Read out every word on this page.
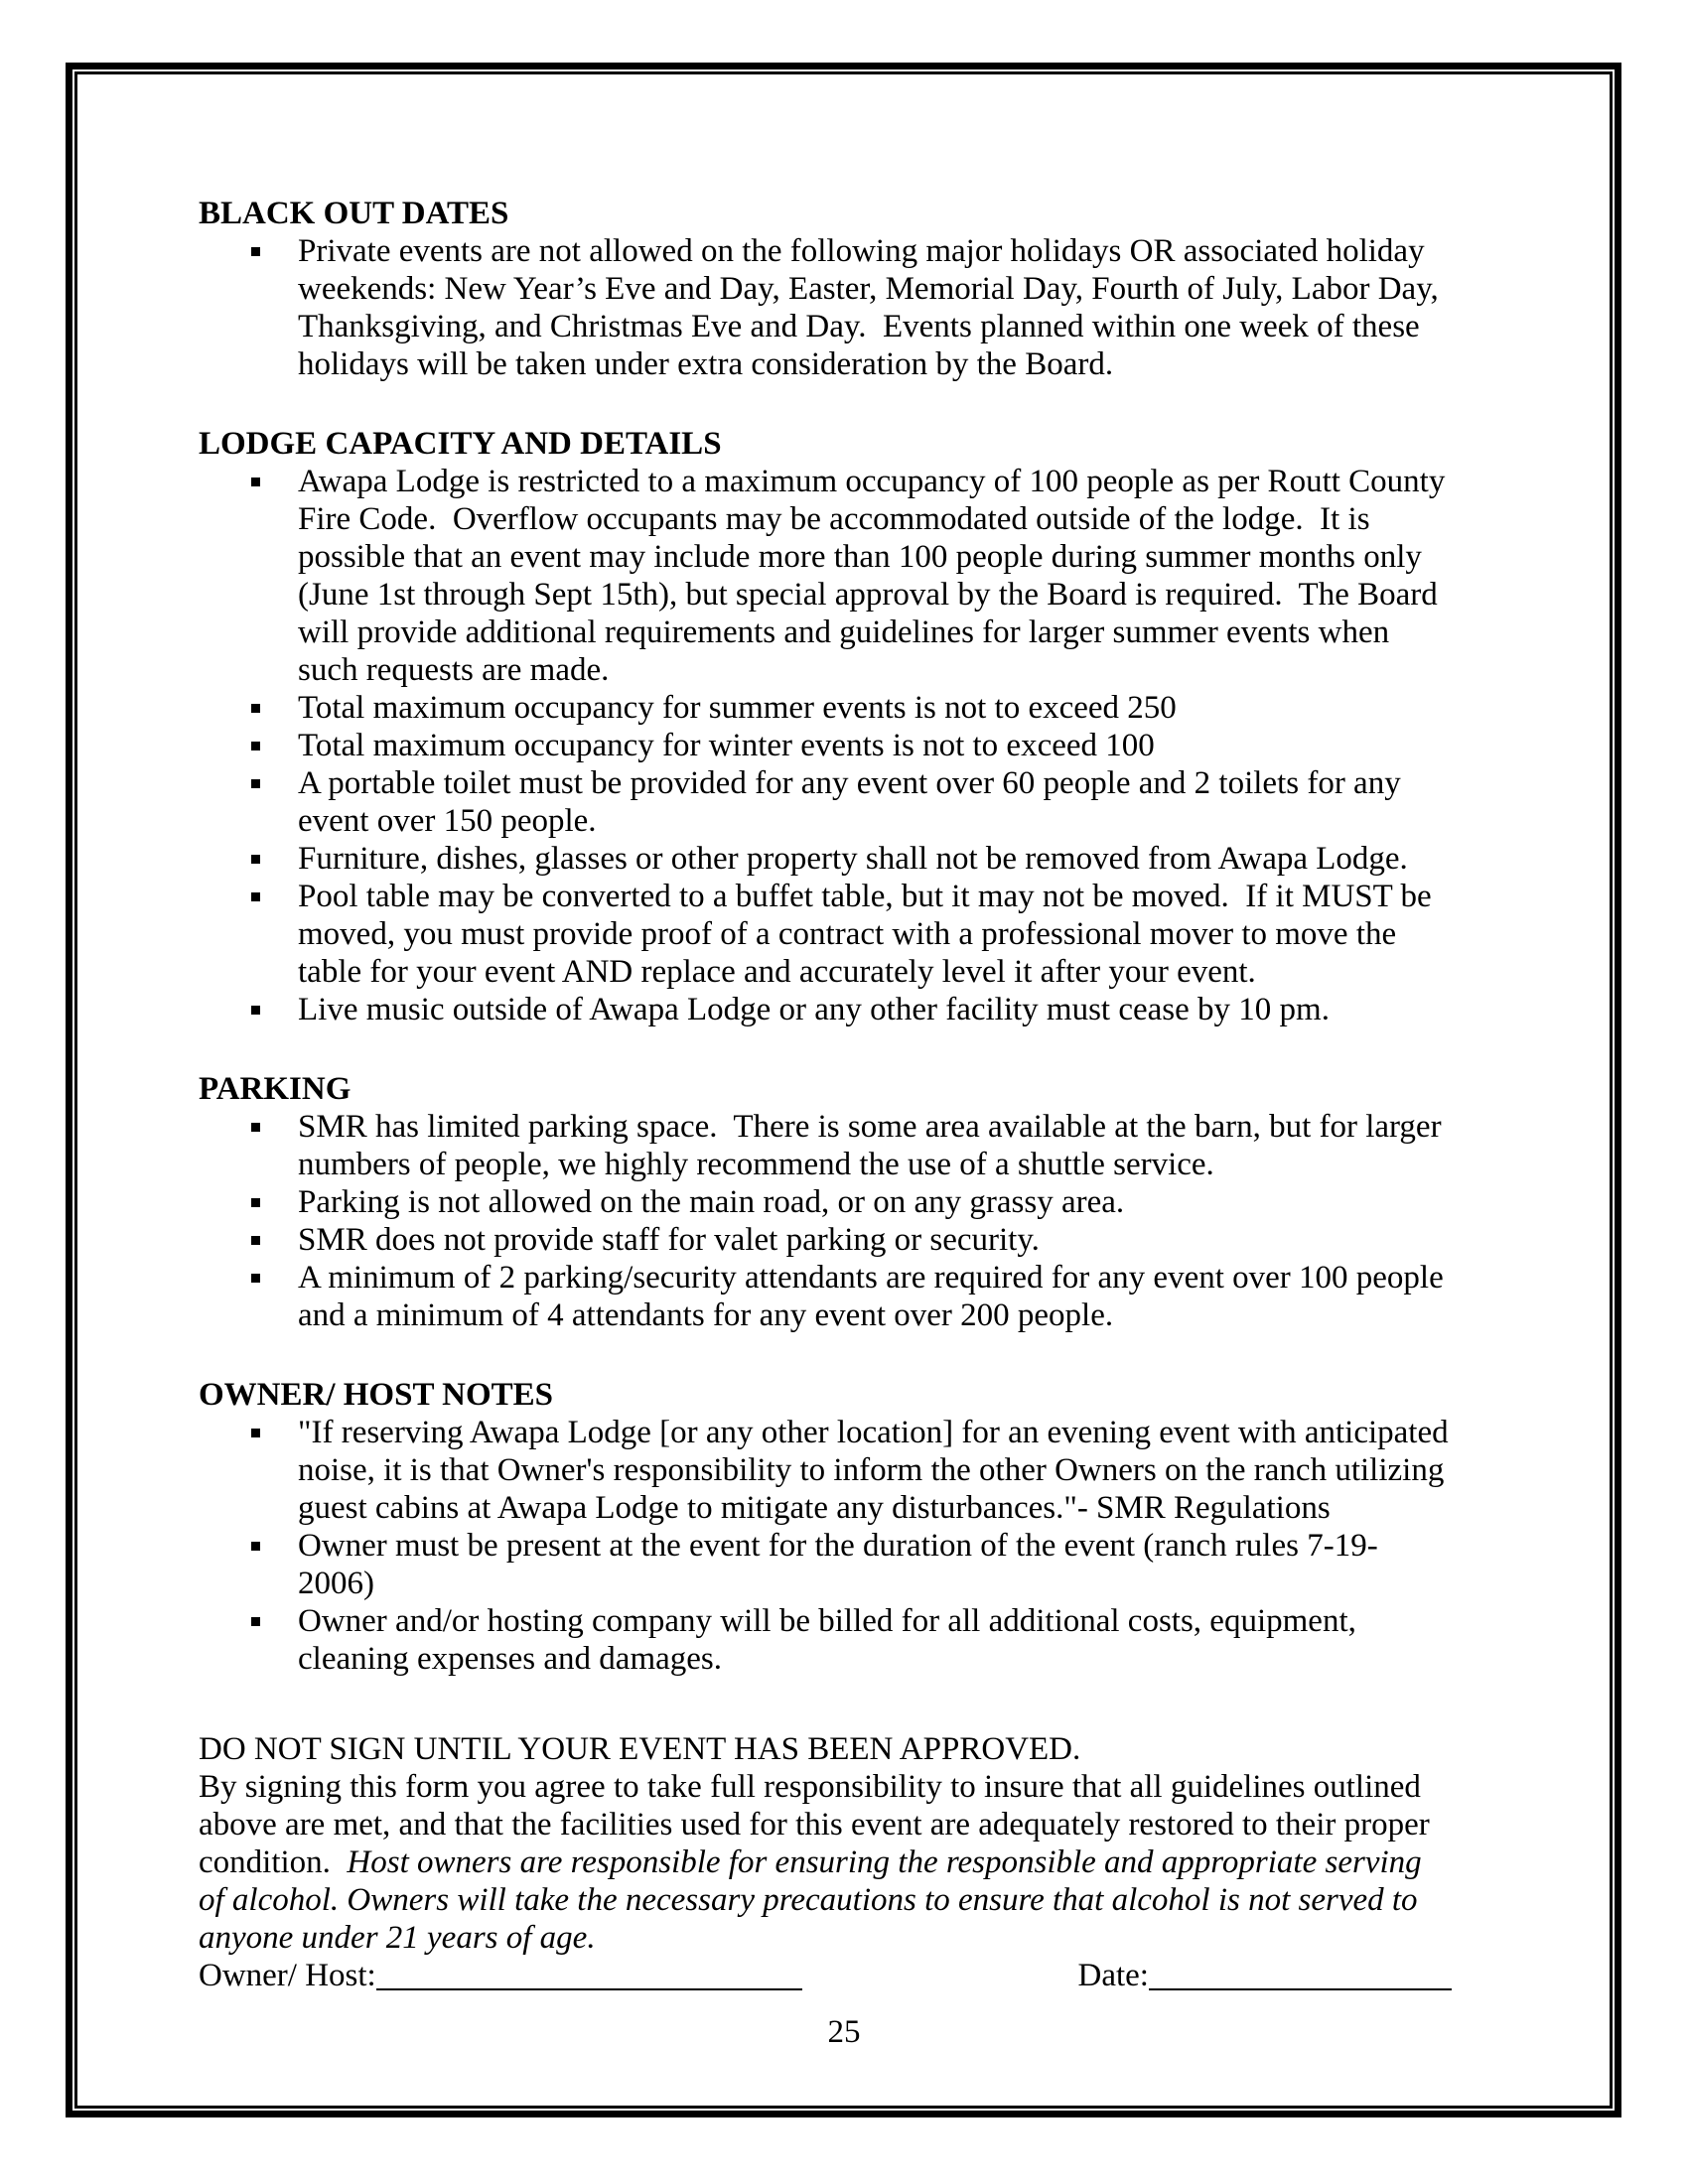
BLACK OUT DATES
Private events are not allowed on the following major holidays OR associated holiday weekends: New Year’s Eve and Day, Easter, Memorial Day, Fourth of July, Labor Day, Thanksgiving, and Christmas Eve and Day.  Events planned within one week of these holidays will be taken under extra consideration by the Board.
LODGE CAPACITY AND DETAILS
Awapa Lodge is restricted to a maximum occupancy of 100 people as per Routt County Fire Code.  Overflow occupants may be accommodated outside of the lodge.  It is possible that an event may include more than 100 people during summer months only (June 1st through Sept 15th), but special approval by the Board is required.  The Board will provide additional requirements and guidelines for larger summer events when such requests are made.
Total maximum occupancy for summer events is not to exceed 250
Total maximum occupancy for winter events is not to exceed 100
A portable toilet must be provided for any event over 60 people and 2 toilets for any event over 150 people.
Furniture, dishes, glasses or other property shall not be removed from Awapa Lodge.
Pool table may be converted to a buffet table, but it may not be moved.  If it MUST be moved, you must provide proof of a contract with a professional mover to move the table for your event AND replace and accurately level it after your event.
Live music outside of Awapa Lodge or any other facility must cease by 10 pm.
PARKING
SMR has limited parking space.  There is some area available at the barn, but for larger numbers of people, we highly recommend the use of a shuttle service.
Parking is not allowed on the main road, or on any grassy area.
SMR does not provide staff for valet parking or security.
A minimum of 2 parking/security attendants are required for any event over 100 people and a minimum of 4 attendants for any event over 200 people.
OWNER/ HOST NOTES
"If reserving Awapa Lodge [or any other location] for an evening event with anticipated noise, it is that Owner's responsibility to inform the other Owners on the ranch utilizing guest cabins at Awapa Lodge to mitigate any disturbances."- SMR Regulations
Owner must be present at the event for the duration of the event (ranch rules 7-19-2006)
Owner and/or hosting company will be billed for all additional costs, equipment, cleaning expenses and damages.
DO NOT SIGN UNTIL YOUR EVENT HAS BEEN APPROVED.

By signing this form you agree to take full responsibility to insure that all guidelines outlined above are met, and that the facilities used for this event are adequately restored to their proper condition.  Host owners are responsible for ensuring the responsible and appropriate serving of alcohol. Owners will take the necessary precautions to ensure that alcohol is not served to anyone under 21 years of age.

Owner/ Host:	Date:
25
